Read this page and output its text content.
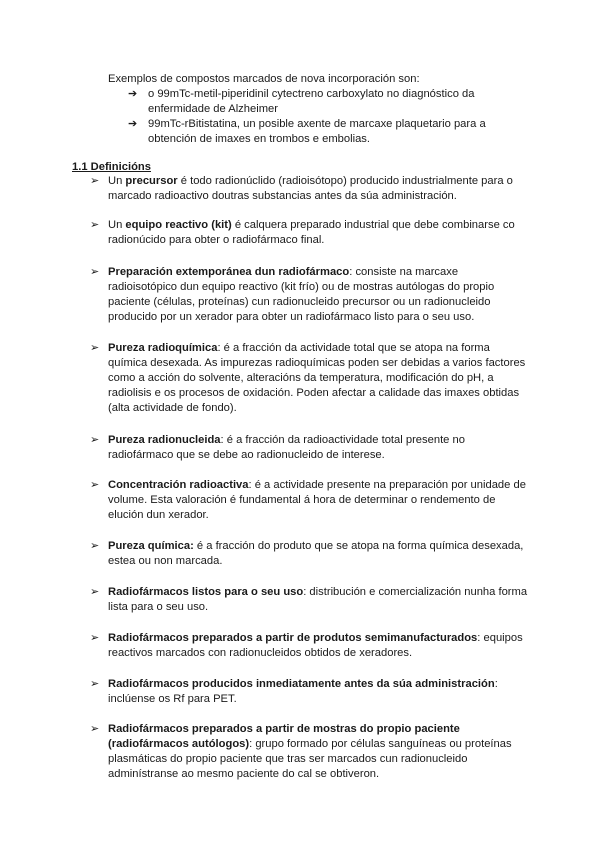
Exemplos de compostos marcados de nova incorporación son:

➔ o 99mTc-metil-piperidinil cytectreno carboxylato no diagnóstico da enfermidade de Alzheimer
➔ 99mTc-rBitistatina, un posible axente de marcaxe plaquetario para a obtención de imaxes en trombos e embolias.
1.1 Definicións
➢ Un precursor é todo radionúclido (radioisótopo) producido industrialmente para o marcado radioactivo doutras substancias antes da súa administración.
➢ Un equipo reactivo (kit) é calquera preparado industrial que debe combinarse co radionúcido para obter o radiofármaco final.
➢ Preparación extemporánea dun radiofármaco: consiste na marcaxe radioisotópico dun equipo reactivo (kit frío) ou de mostras autólogas do propio paciente (células, proteínas) cun radionucleido precursor ou un radionucleido producido por un xerador para obter un radiofármaco listo para o seu uso.
➢ Pureza radioquímica: é a fracción da actividade total que se atopa na forma química desexada. As impurezas radioquímicas poden ser debidas a varios factores como a acción do solvente, alteracións da temperatura, modificación do pH, a radiolisis e os procesos de oxidación. Poden afectar a calidade das imaxes obtidas (alta actividade de fondo).
➢ Pureza radionucleida: é a fracción da radioactividade total presente no radiofármaco que se debe ao radionucleido de interese.
➢ Concentración radioactiva: é a actividade presente na preparación por unidade de volume. Esta valoración é fundamental á hora de determinar o rendemento de elución dun xerador.
➢ Pureza química: é a fracción do produto que se atopa na forma química desexada, estea ou non marcada.
➢ Radiofármacos listos para o seu uso: distribución e comercialización nunha forma lista para o seu uso.
➢ Radiofármacos preparados a partir de produtos semimanufacturados: equipos reactivos marcados con radionucleidos obtidos de xeradores.
➢ Radiofármacos producidos inmediatamente antes da súa administración: inclúense os Rf para PET.
➢ Radiofármacos preparados a partir de mostras do propio paciente (radiofármacos autólogos): grupo formado por células sanguíneas ou proteínas plasmáticas do propio paciente que tras ser marcados cun radionucleido adminístranse ao mesmo paciente do cal se obtiveron.
